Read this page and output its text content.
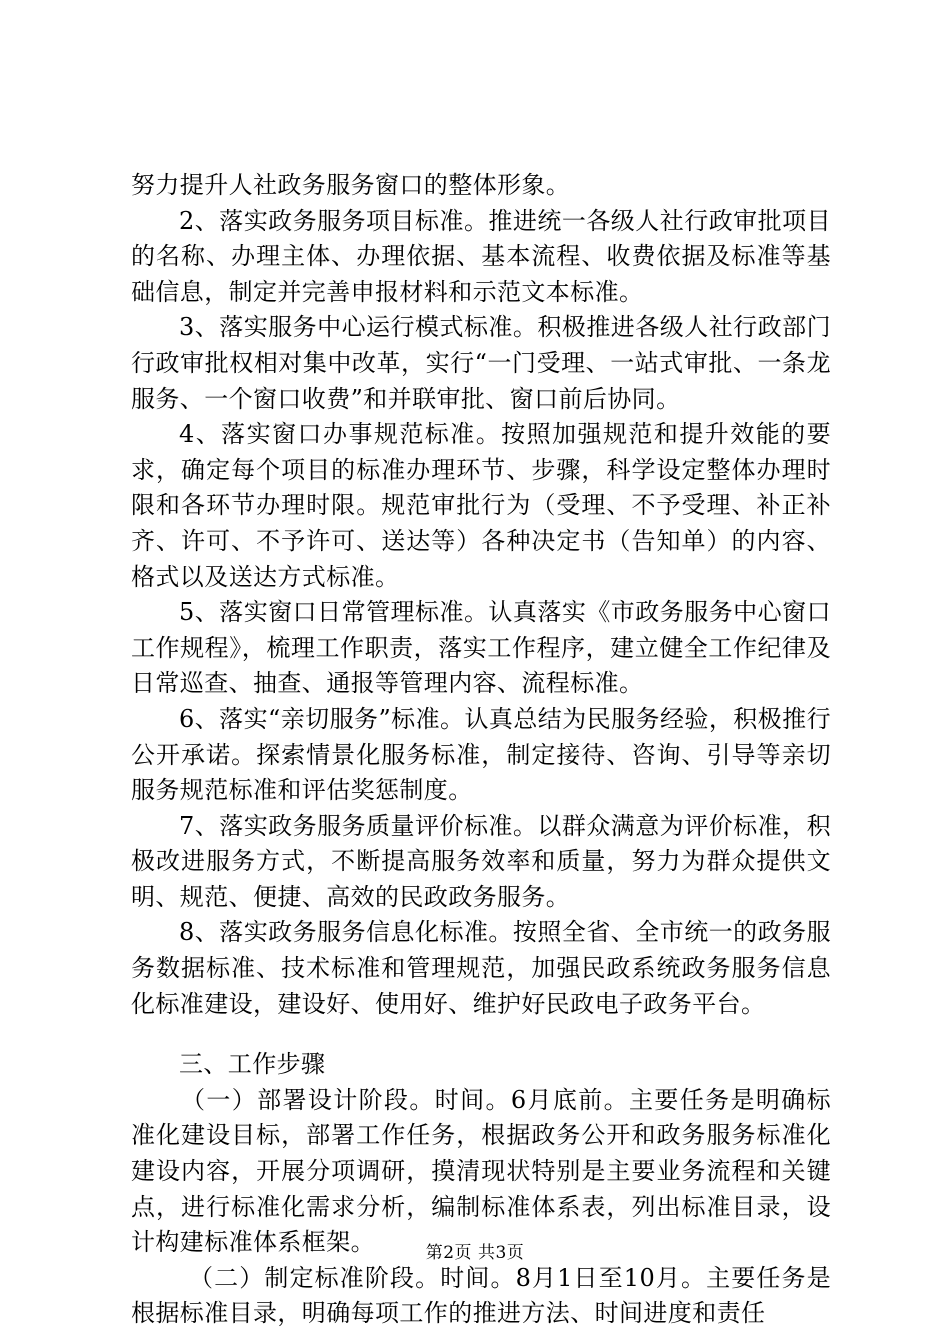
努力提升人社政务服务窗口的整体形象。

2、落实政务服务项目标准。推进统一各级人社行政审批项目的名称、办理主体、办理依据、基本流程、收费依据及标准等基础信息，制定并完善申报材料和示范文本标准。

3、落实服务中心运行模式标准。积极推进各级人社行政部门行政审批权相对集中改革，实行“一门受理、一站式审批、一条龙服务、一个窗口收费”和并联审批、窗口前后协同。

4、落实窗口办事规范标准。按照加强规范和提升效能的要求，确定每个项目的标准办理环节、步骤，科学设定整体办理时限和各环节办理时限。规范审批行为（受理、不予受理、补正补齐、许可、不予许可、送达等）各种决定书（告知单）的内容、格式以及送达方式标准。

5、落实窗口日常管理标准。认真落实《市政务服务中心窗口工作规程》，梳理工作职责，落实工作程序，建立健全工作纪律及日常巡查、抽查、通报等管理内容、流程标准。

6、落实“亲切服务”标准。认真总结为民服务经验，积极推行公开承诺。探索情景化服务标准，制定接待、咨询、引导等亲切服务规范标准和评估奖惩制度。

7、落实政务服务质量评价标准。以群众满意为评价标准，积极改进服务方式，不断提高服务效率和质量，努力为群众提供文明、规范、便捷、高效的民政政务服务。

8、落实政务服务信息化标准。按照全省、全市统一的政务服务数据标准、技术标准和管理规范，加强民政系统政务服务信息化标准建设，建设好、使用好、维护好民政电子政务平台。

三、工作步骤

（一）部署设计阶段。时间。6月底前。主要任务是明确标准化建设目标，部署工作任务，根据政务公开和政务服务标准化建设内容，开展分项调研，摸清现状特别是主要业务流程和关键点，进行标准化需求分析，编制标准体系表，列出标准目录，设计构建标准体系框架。

（二）制定标准阶段。时间。8月1日至10月。主要任务是根据标准目录，明确每项工作的推进方法、时间进度和责任

第2页 共3页
